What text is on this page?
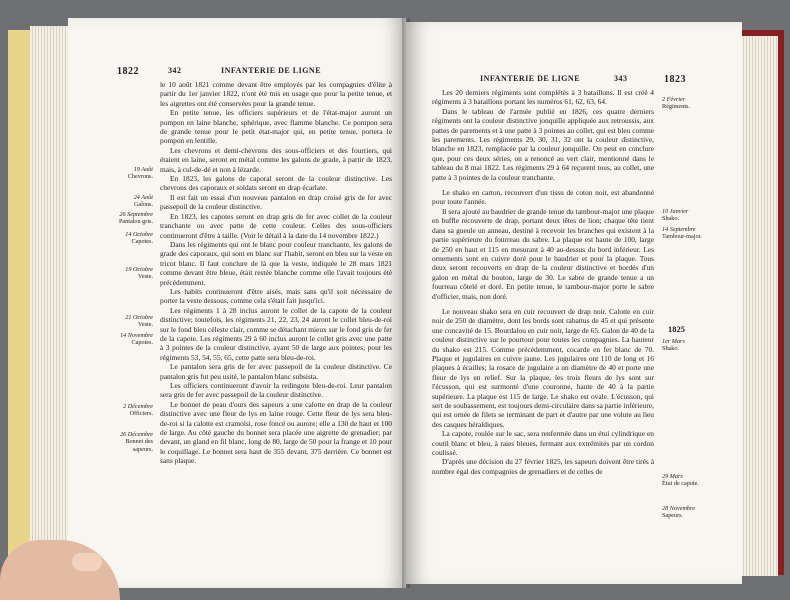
1822	342	INFANTERIE DE LIGNE
19 Août
Chevrons.
24 Août
Galons.
26 Septembre
Pantalon gris.
14 Octobre
Capotes.
19 Octobre
Veste.
21 Octobre
Veste.
14 Novembre
Capotes.
2 Décembre
Officiers.
26 Décembre
Bonnet des sapeurs.

le 10 août 1821 comme devant être employés par les compagnies d'élite à partir du 1er janvier 1822, n'ont été mis en usage que pour la petite tenue, et les aigrettes ont été conservées pour la grande tenue.

En petite tenue, les officiers supérieurs et de l'état-major auront un pompon en laine blanche, sphérique, avec flamme blanche. Ce pompon sera de grande tenue pour le petit état-major qui, en petite tenue, portera le pompon en lentille.

Les chevrons et demi-chevrons des sous-officiers et des fourriers, qui étaient en laine, seront en métal comme les galons de grade, à partir de 1823, mais, à cul-de-dé et non à lézarde.

En 1823, les galons de caporal seront de la couleur distinctive. Les chevrons des caporaux et soldats seront en drap écarlate.

Il est fait un essai d'un nouveau pantalon en drap croisé gris de fer avec passepoil de la couleur distinctive.

En 1823, les capotes seront en drap gris de fer avec collet de la couleur tranchante ou avec patte de cette couleur. Celles des sous-officiers continueront d'être à taille. (Voir le détail à la date du 14 novembre 1822.)

Dans les régiments qui ont le blanc pour couleur tranchante, les galons de grade des caporaux, qui sont en blanc sur l'habit, seront en bleu sur la veste en tricot blanc. Il faut conclure de là que la veste, indiquée le 28 mars 1821 comme devant être bleue, était restée blanche comme elle l'avait toujours été précédemment.

Les habits continueront d'être aisés, mais sans qu'il soit nécessaire de porter la veste dessous, comme cela s'était fait jusqu'ici.

Les régiments 1 à 28 inclus auront le collet de la capote de la couleur distinctive; toutefois, les régiments 21, 22, 23, 24 auront le collet bleu-de-roi sur le fond bleu céleste clair, comme se détachant mieux sur le fond gris de fer de la capote. Les régiments 29 à 60 inclus auront le collet gris avec une patte à 3 pointes de la couleur distinctive, ayant 50 de large aux pointes; pour les régiments 53, 54, 55, 65, cette patte sera bleu-de-roi.

Le pantalon sera gris de fer avec passepoil de la couleur distinctive. Ce pantalon gris fut peu usité, le pantalon blanc subsista.

Les officiers continueront d'avoir la redingote bleu-de-roi. Leur pantalon sera gris de fer avec passepoil de la couleur distinctive.

Le bonnet de peau d'ours des sapeurs a une calotte en drap de la couleur distinctive avec une fleur de lys en laine rouge. Cette fleur de lys sera bleu-de-roi si la calotte est cramoisi, rose foncé ou aurore; elle a 130 de haut et 100 de large. Au côté gauche du bonnet sera placée une aigrette de grenadier; par devant, un gland en fil blanc, long de 80, large de 50 pour la frange et 10 pour le coquillage. Le bonnet sera haut de 355 devant, 375 derrière. Ce bonnet est sans plaque.

INFANTERIE DE LIGNE	343	1823

Les 20 derniers régiments sont complétés à 3 bataillons. Il est créé 4 régiments à 3 bataillons portant les numéros 61, 62, 63, 64.

Dans le tableau de l'armée publié en 1826, ces quatre derniers régiments ont la couleur distinctive jonquille appliquée aux retroussis, aux pattes de parements et à une patte à 3 pointes au collet, qui est bleu comme les parements. Les régiments 29, 30, 31, 32 ont la couleur distinctive, blanche en 1823, remplacée par la couleur jonquille. On peut en conclure que, pour ces deux séries, on a renoncé au vert clair, mentionné dans le tableau du 8 mai 1822. Les régiments 29 à 64 reçurent tous, au collet, une patte à 3 pointes de la couleur tranchante.

Le shako en carton, recouvert d'un tissu de coton noir, est abandonné pour toute l'année.

Il sera ajouté au baudrier de grande tenue du tambour-major une plaque en buffle recouverte de drap, portant deux têtes de lion; chaque tête tient dans sa gueule un anneau, destiné à recevoir les branches qui existent à la partie supérieure du fourreau du sabre. La plaque est haute de 100, large de 250 en haut et 115 en mesurant à 40 au-dessus du bord inférieur. Les ornements sont en cuivre doré pour le baudrier et pour la plaque. Tous deux seront recouverts en drap de la couleur distinctive et bordés d'un galon en métal du bouton, large de 30. Le sabre de grande tenue a un fourreau côtelé et doré. En petite tenue, le tambour-major porte le sabre d'officier, mais, non doré.

Le nouveau shako sera en cuir recouvert de drap noir. Calotte en cuir noir de 250 de diamètre, dont les bords sont rabattus de 45 et qui présente une concavité de 15. Bourdalou en cuir noir, large de 65. Galon de 40 de la couleur distinctive sur le pourtour pour toutes les compagnies. La hauteur du shako est 215. Comme précédemment, cocarde en fer blanc de 70. Plaque et jugulaires en cuivre jaune. Les jugulaires ont 110 de long et 16 plaques à écailles; la rosace de jugulaire a un diamètre de 40 et porte une fleur de lys en relief. Sur la plaque, les trois fleurs de lys sont sur l'écusson, qui est surmonté d'une couronne, haute de 40 à la partie supérieure. La plaque est 115 de large. Le shako est ovale. L'écusson, qui sert de soubassement, est toujours demi-circulaire dans sa partie inférieure, qui est ornée de filets se terminant de part et d'autre par une volute au lieu des casques héraldiques.

La capote, roulée sur le sac, sera renfermée dans un étui cylindrique en coutil blanc et bleu, à raies bleues, fermant aux extrémités par un cordon coulissé.

D'après une décision du 27 février 1825, les sapeurs doivent être tirés à nombre égal des compagnies de grenadiers et de celles de

2 Février
Régiments.
10 Janvier
Shako.
14 Septembre
Tambour-major.
1825
1er Mars
Shako.
29 Mars
Étui de capote.
28 Novembre
Sapeurs.
